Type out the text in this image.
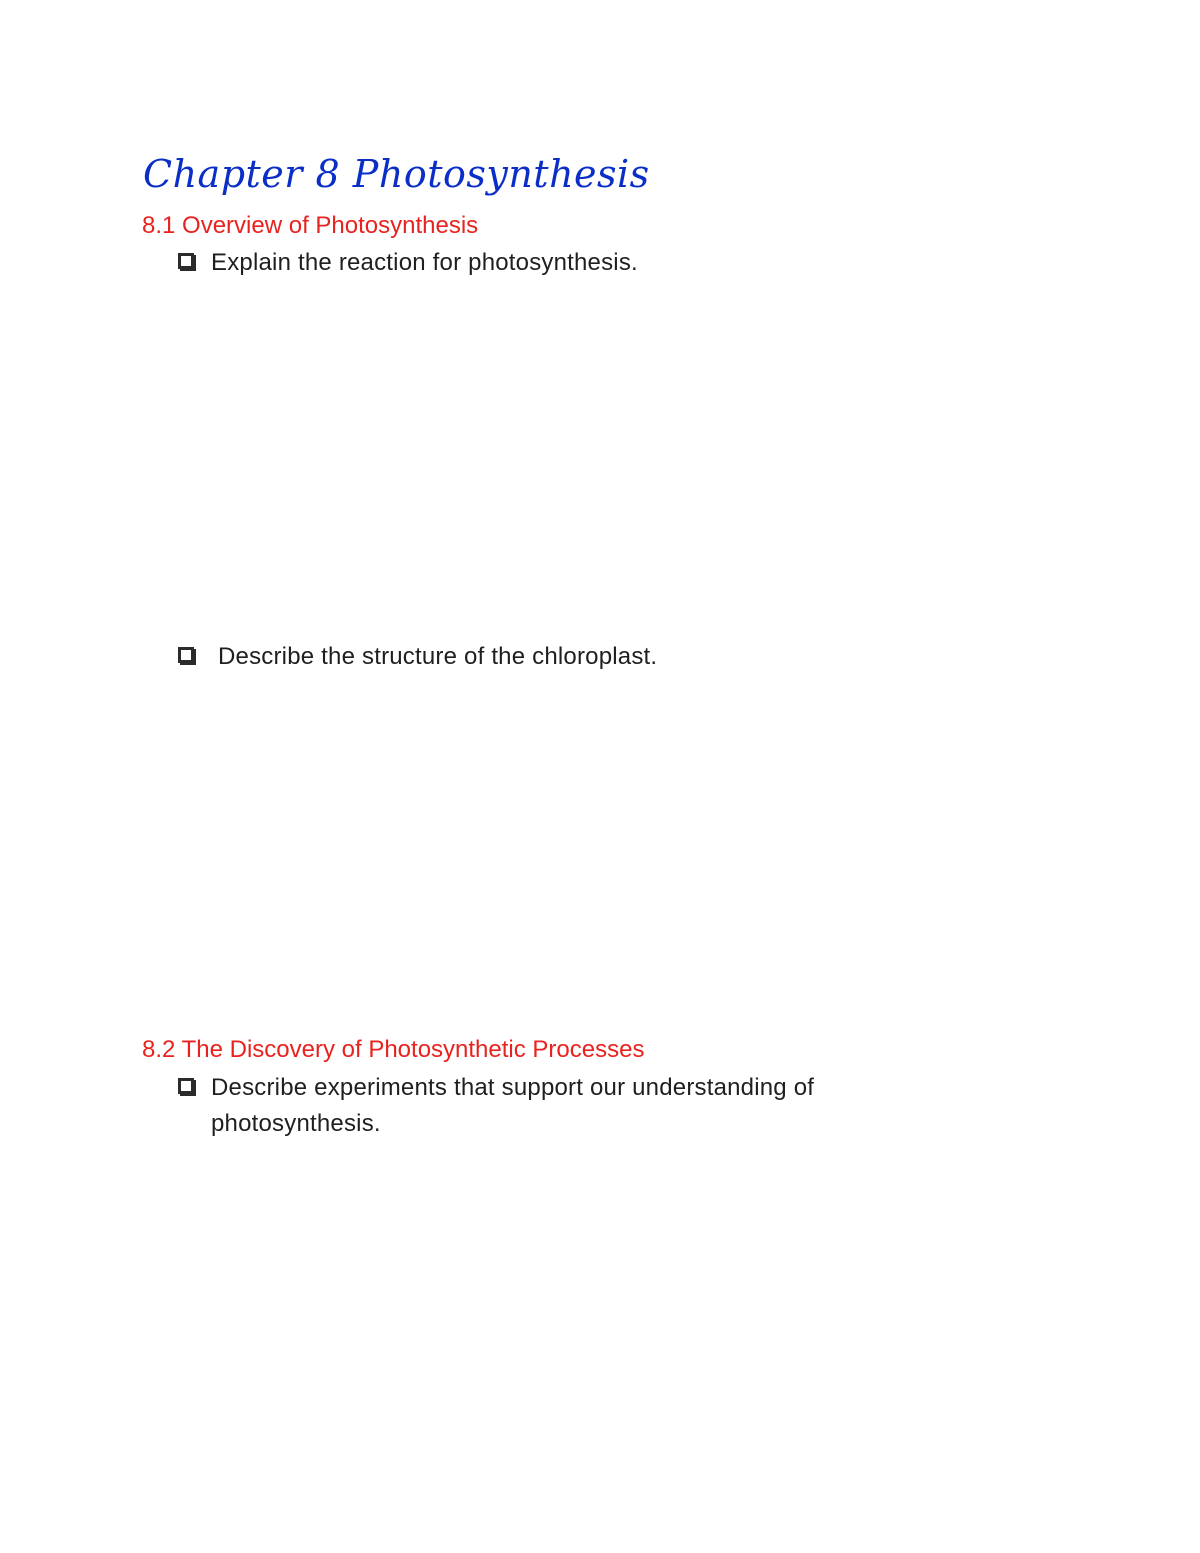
Chapter 8 Photosynthesis
8.1 Overview of Photosynthesis
Explain the reaction for photosynthesis.
Describe the structure of the chloroplast.
8.2 The Discovery of Photosynthetic Processes
Describe experiments that support our understanding of photosynthesis.
